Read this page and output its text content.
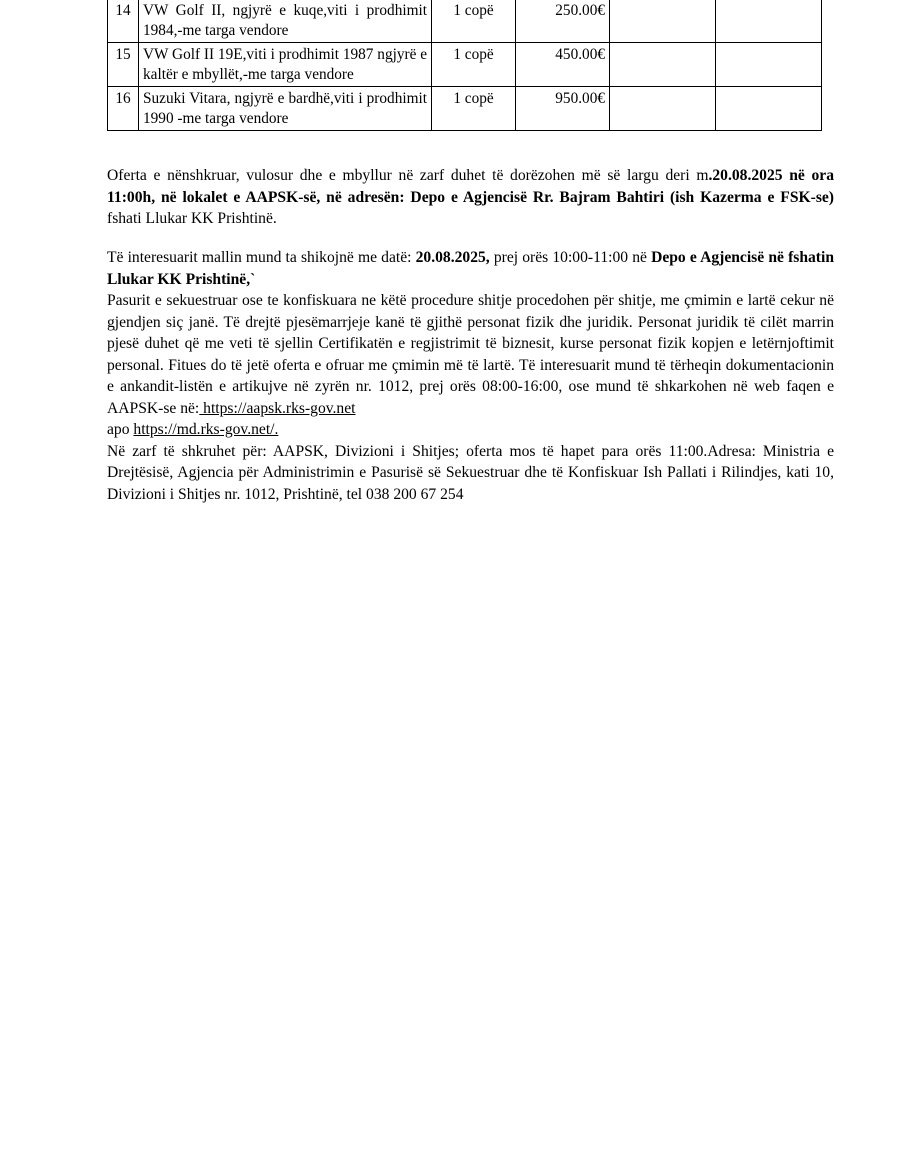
14	VW Golf II, ngjyrë e kuqe,viti i prodhimit 1984,-me targa vendore	1 copë	250.00€		
15	VW Golf II 19E,viti i prodhimit 1987 ngjyrë e kaltër e mbyllët,-me targa vendore	1 copë	450.00€		
16	Suzuki Vitara, ngjyrë e bardhë,viti i prodhimit 1990 -me targa vendore	1 copë	950.00€		
Oferta e nënshkruar, vulosur dhe e mbyllur në zarf duhet të dorëzohen më së largu deri m.20.08.2025 në ora 11:00h, në lokalet e AAPSK-së, në adresën: Depo e Agjencisë Rr. Bajram Bahtiri (ish Kazerma e FSK-se) fshati Llukar KK Prishtinë.
Të interesuarit mallin mund ta shikojnë me datë: 20.08.2025, prej orës 10:00-11:00 në Depo e Agjencisë në fshatin Llukar KK Prishtinë,`
Pasurit e sekuestruar ose te konfiskuara ne këtë procedure shitje procedohen për shitje, me çmimin e lartë cekur në gjendjen siç janë. Të drejtë pjesëmarrjeje kanë të gjithë personat fizik dhe juridik. Personat juridik të cilët marrin pjesë duhet që me veti të sjellin Certifikatën e regjistrimit të biznesit, kurse personat fizik kopjen e letërnjoftimit personal. Fitues do të jetë oferta e ofruar me çmimin më të lartë. Të interesuarit mund të tërheqin dokumentacionin e ankandit-listën e artikujve në zyrën nr. 1012, prej orës 08:00-16:00, ose mund të shkarkohen në web faqen e AAPSK-se në: https://aapsk.rks-gov.net
apo https://md.rks-gov.net/.
Në zarf të shkruhet për: AAPSK, Divizioni i Shitjes; oferta mos të hapet para orës 11:00.Adresa: Ministria e Drejtësisë, Agjencia për Administrimin e Pasurisë së Sekuestruar dhe të Konfiskuar Ish Pallati i Rilindjes, kati 10, Divizioni i Shitjes nr. 1012, Prishtinë, tel 038 200 67 254
